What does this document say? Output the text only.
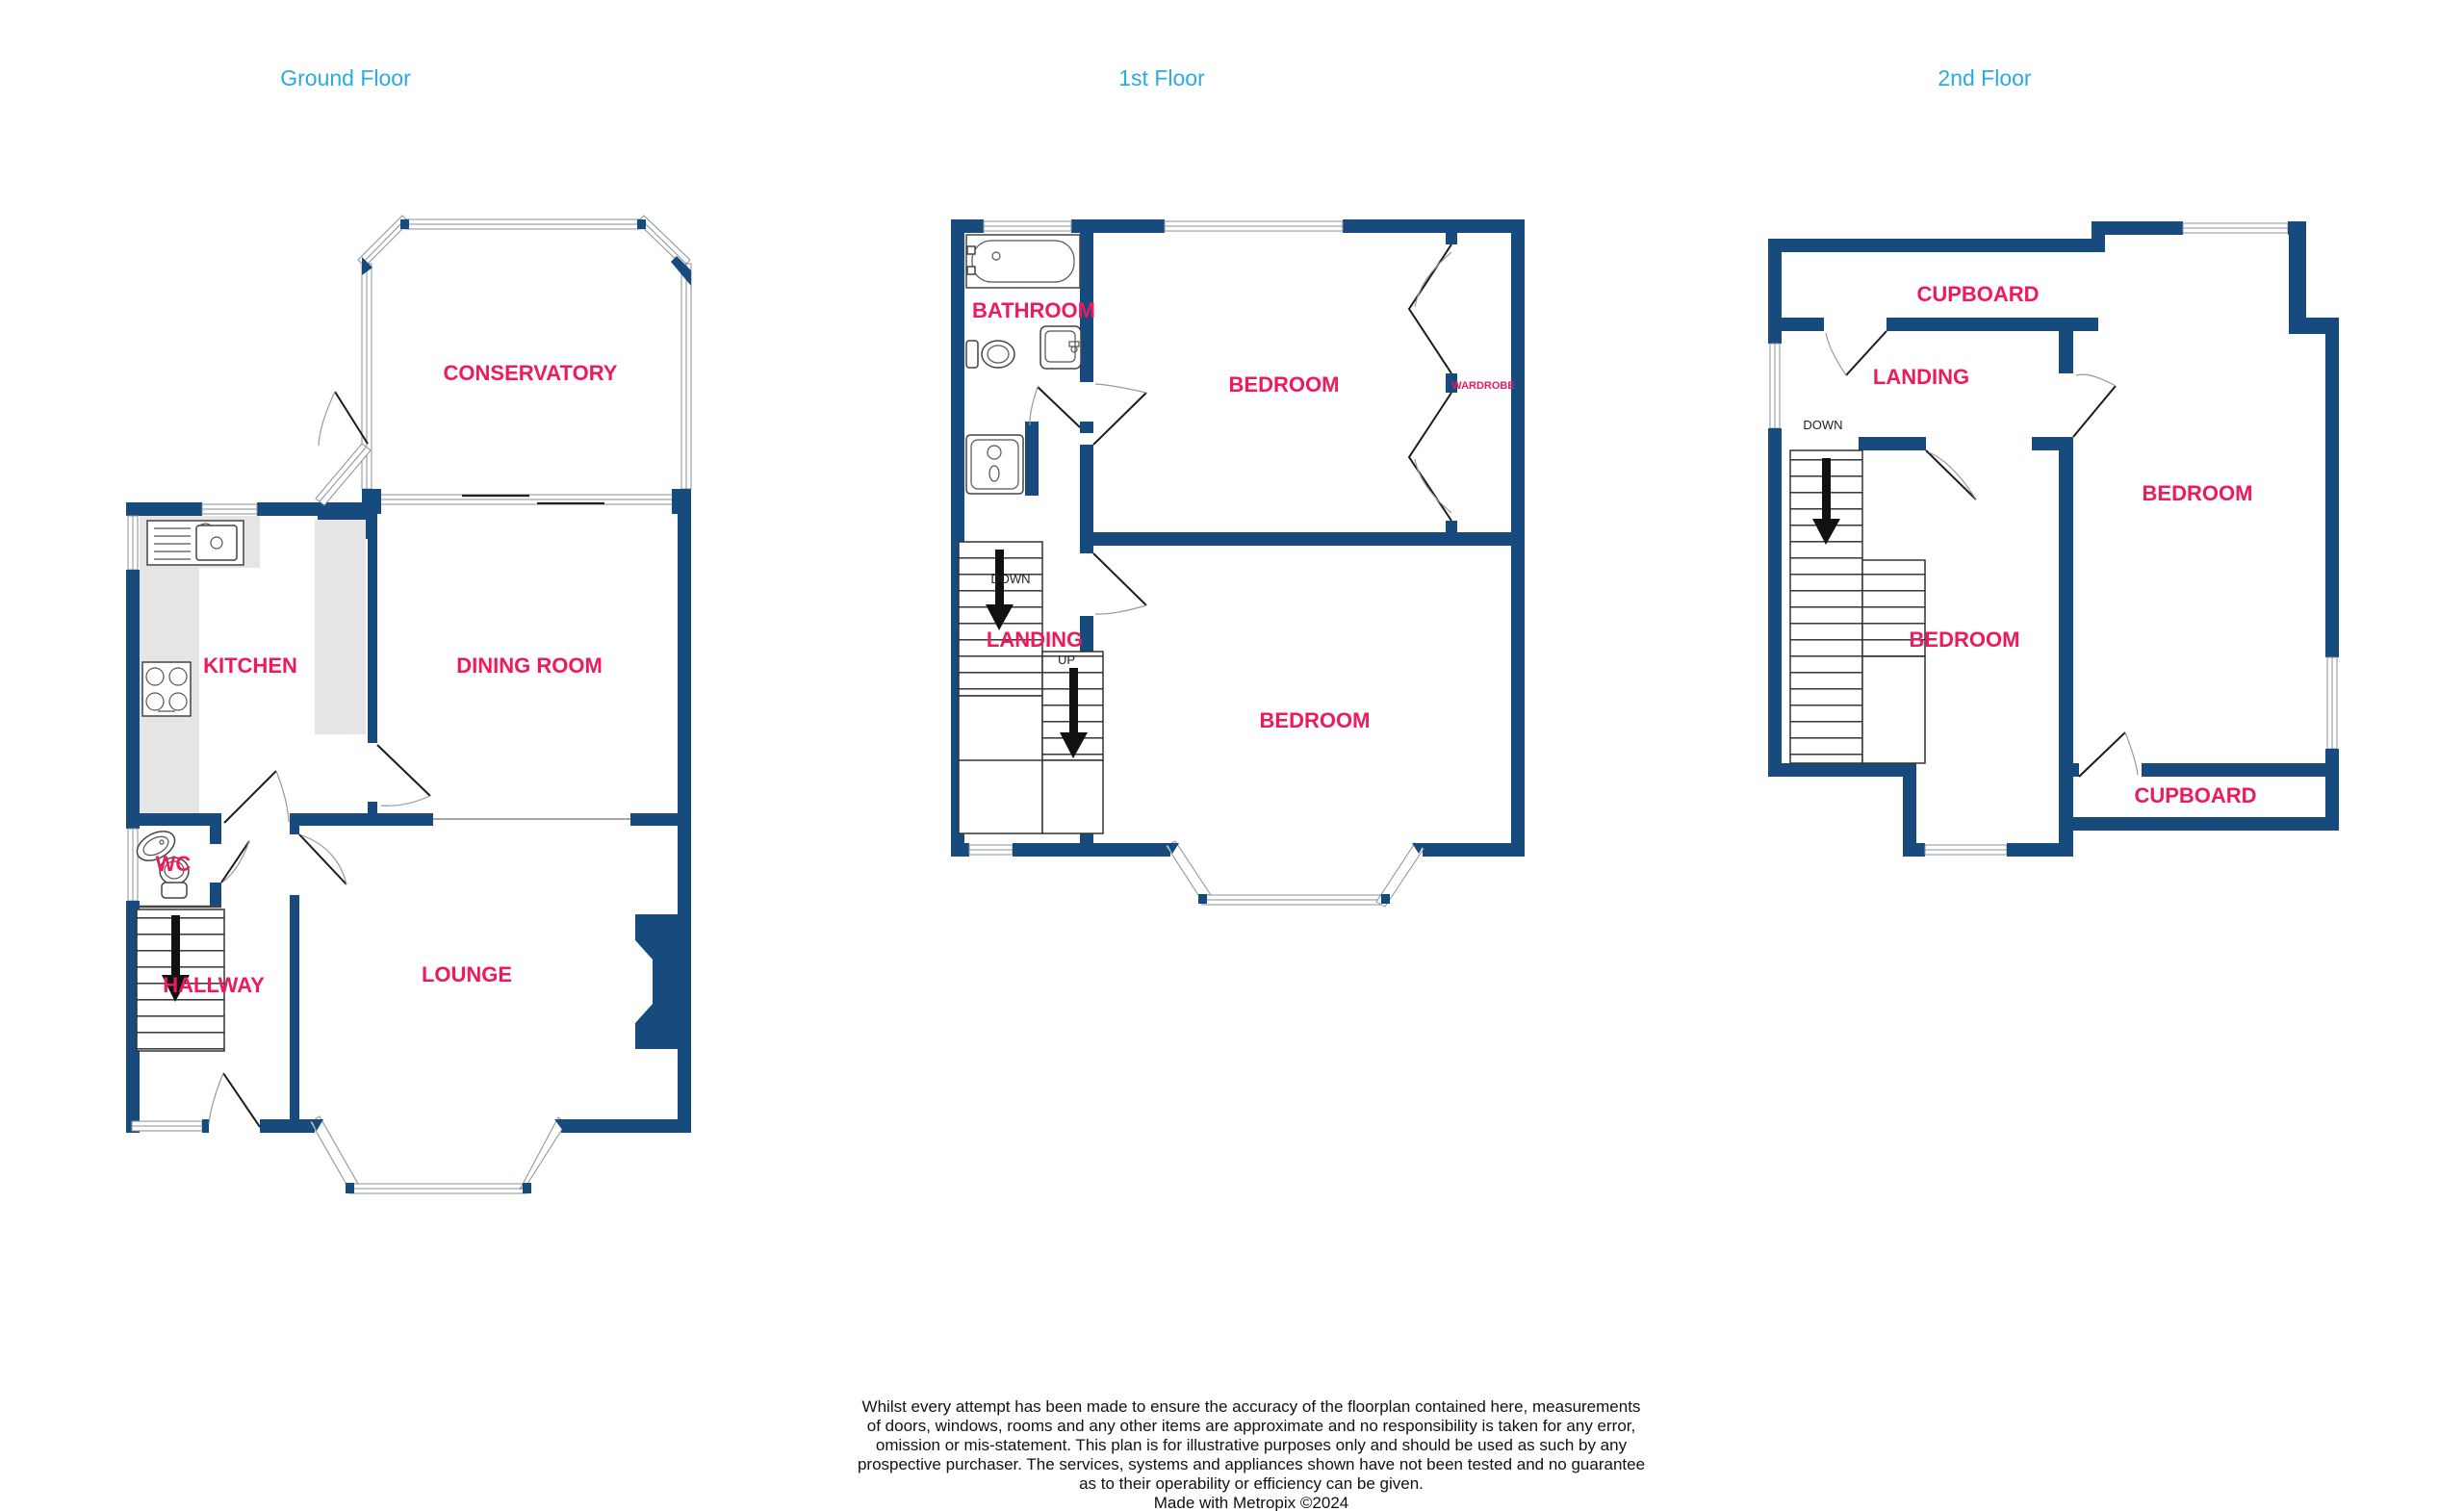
Ground Floor	1st Floor	2nd Floor
CONSERVATORY
KITCHEN	DINING ROOM
WC
HALLWAY	LOUNGE
BATHROOM
BEDROOM
BEDROOM
LANDING
WARDROBE
DOWN
UP
CUPBOARD
LANDING
BEDROOM
BEDROOM
CUPBOARD
DOWN
Whilst every attempt has been made to ensure the accuracy of the floorplan contained here, measurements
of doors, windows, rooms and any other items are approximate and no responsibility is taken for any error,
omission or mis-statement. This plan is for illustrative purposes only and should be used as such by any
prospective purchaser. The services, systems and appliances shown have not been tested and no guarantee
as to their operability or efficiency can be given.
Made with Metropix ©2024
